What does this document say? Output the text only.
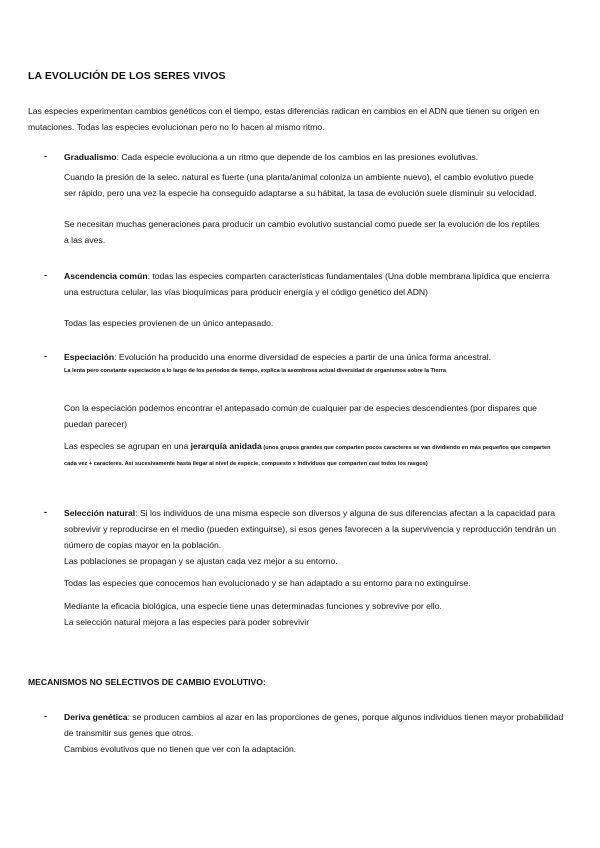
LA EVOLUCIÓN DE LOS SERES VIVOS

Las especies experimentan cambios genéticos con el tiempo, estas diferencias radican en cambios en el ADN que tienen su origen en mutaciones. Todas las especies evolucionan pero no lo hacen al mismo ritmo.

- Gradualismo: Cada especie evoluciona a un ritmo que depende de los cambios en las presiones evolutivas.

Cuando la presión de la selec. natural es fuerte (una planta/animal coloniza un ambiente nuevo), el cambio evolutivo puede ser rápido, pero una vez la especie ha conseguido adaptarse a su hábitat, la tasa de evolución suele disminuir su velocidad.

Se necesitan muchas generaciones para producir un cambio evolutivo sustancial como puede ser la evolución de los reptiles a las aves.

- Ascendencia común: todas las especies comparten características fundamentales (Una doble membrana lipídica que encierra una estructura celular, las vías bioquímicas para producir energía y el código genético del ADN)

Todas las especies provienen de un único antepasado.

- Especiación: Evolución ha producido una enorme diversidad de especies a partir de una única forma ancestral.

La lenta pero constante especiación a lo largo de los periodos de tiempo, explica la asombrosa actual diversidad de organismos sobre la Tierra

Con la especiación podemos encontrar el antepasado común de cualquier par de especies descendientes (por dispares que puedan parecer)

Las especies se agrupan en una jerarquía anidada (unos grupos grandes que comparten pocos caracteres se van dividiendo en más pequeños que comparten cada vez + caracteres. Así sucesivamente hasta llegar al nivel de especie, compuesto x individuos que comparten casi todos los rasgos)

- Selección natural: Si los individuos de una misma especie son diversos y alguna de sus diferencias afectan a la capacidad para sobrevivir y reproducirse en el medio (pueden extinguirse), si esos genes favorecen a la supervivencia y reproducción tendrán un número de copias mayor en la población.

Las poblaciones se propagan y se ajustan cada vez mejor a su entorno.

Todas las especies que conocemos han evolucionado y se han adaptado a su entorno para no extinguirse.

Mediante la eficacia biológica, una especie tiene unas determinadas funciones y sobrevive por ello.

La selección natural mejora a las especies para poder sobrevivir

MECANISMOS NO SELECTIVOS DE CAMBIO EVOLUTIVO:
- Deriva genética: se producen cambios al azar en las proporciones de genes, porque algunos individuos tienen mayor probabilidad de transmitir sus genes que otros.

Cambios evolutivos que no tienen que ver con la adaptación.
